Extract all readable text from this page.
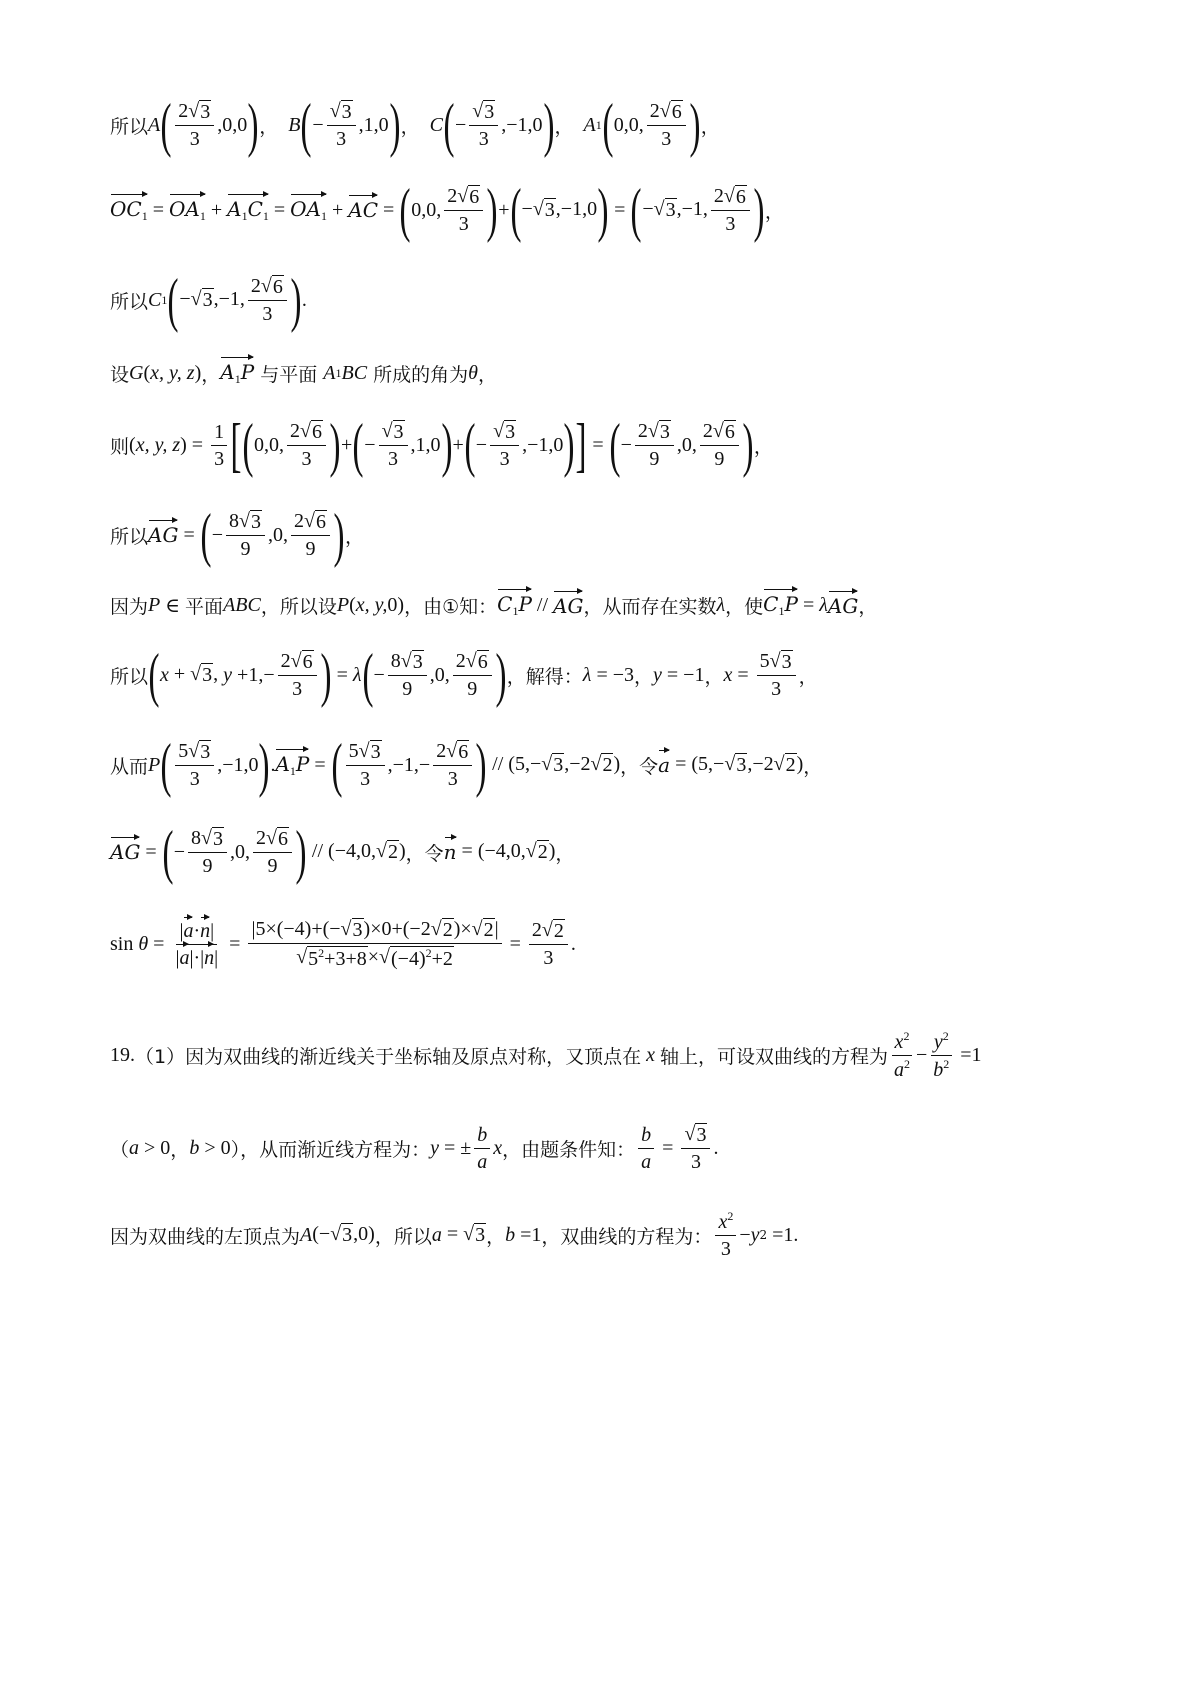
所以 A ( $\frac{2√ 3}{3} ,0,0$ ) ， B ( − $\frac{√ 3}{3} ,1,0$ ) ， C ( − $\frac{√ 3}{3} ,-1,0$ ) ， A 1 ( 0,0, $\frac{2√ 6}{3}$ ) ，
$OC_1 = OA_1 + A_1C_1 = OA_1$ + AC = ( 0,0, $\frac{2√ 6}{3}$ ) + ( −√ 3 ,−1,0 ) = ( −√ 3 ,−1, $\frac{2√ 6}{3}$ ) ，
所以 C 1 ( −√ 3 ,−1, $\frac{2√ 6}{3}$ ) .
设 G ( x, y, z ) ， $A_1P$ 与平面 A 1 BC 所成的角为 θ ，
则 ( x, y, z ) = $\frac{1}{3}$ [ ( 0,0, $\frac{2√ 6}{3}$ ) + ( − $\frac{√ 3}{3} ,1,0$ ) + ( − $\frac{√ 3}{3} ,-1,0$ ) ] = ( − $\frac{2√ 3}{9} ,0$, $\frac{2√ 6}{9}$ ) ，
所以 AG = ( − $\frac{8√ 3}{9} ,0$, $\frac{2√ 6}{9}$ ) ，
因为 P ∈ 平面 ABC ，所以设 P ( x, y, 0) ，由①知： $C_1P$ // AG ，从而存在实数 λ ，使 $C_1P = \lambda$ AG ，
所以 ( x + √ 3 , $y +1,- \frac{2√ 6}{3}$ ) = λ ( − $\frac{8√ 3}{9} ,0$, $\frac{2√ 6}{9}$ ) ，解得： λ = −3 ， y = −1 ， $x = \frac{5√ 3}{3}$ ，
从而 P ( $\frac{5√ 3}{3} ,-1,0$ ) . $A_1P$ = ( $\frac{5√ 3}{3} ,-1,- \frac{2√ 6}{3}$ ) // (5,−√ 3 ,−2√ 2 ) ，令 a = (5,−√ 3 ,−2√ 2 ) ，
AG = ( − $\frac{8√ 3}{9} ,0$, $\frac{2√ 6}{9}$ ) // (−4,0,√ 2 ) ，令 n = (−4,0,√ 2 ) ，
$\sin \theta = \frac{|a\cdot n|}{|a|\cdot|n|} = \frac{|5\times(-4)+(-√ 3 )\times 0+(-2√ 2 )\times√ 2 |}{√ 5^2+3+8 \times√ (-4)^2+2} = \frac{2√ 2}{3}$ .
19. （1）因为双曲线的渐近线关于坐标轴及原点对称，又顶点在 x 轴上，可设双曲线的方程为 $\frac{x^2}{a^2} - \frac{y^2}{b^2} =1$
（ a > 0 ， b > 0 ），从而渐近线方程为： y = ± $\frac{b}{a}$ x ，由题条件知： $\frac{b}{a} = \frac{√ 3}{3}$ .
因为双曲线的左顶点为 A (−√ 3 ,0) ，所以 a = √ 3 ， b =1 ，双曲线的方程为： $\frac{x^2}{3} - y$ 2 =1.
所以A(2√3/3, 0, 0), B(−√3/3, 1, 0), C(−√3/3, −1, 0), A₁(0, 0, 2√6/3), OC₁ = OA₁ + A₁C₁ = OA₁ + AC = (0, 0, 2√6/3) + (−√3, −1, 0) = (−√3, −1, 2√6/3), 所以C₁(−√3, −1, 2√6/3). 设G(x, y, z), A₁P 与平面 A₁BC 所成的角为 θ, 则(x, y, z) = 1/3[(0, 0, 2√6/3) + (−√3/3, 1, 0) + (−√3/3, −1, 0)] = (−2√3/9, 0, 2√6/9), 所以AG = (−8√3/9, 0, 2√6/9), 因为 P ∈ 平面 ABC，所以设 P(x, y, 0)，由①知：C₁P // AG，从而存在实数 λ，使 C₁P = λAG， 所以(x + √3, y + 1, −2√6/3) = λ(−8√3/9, 0, 2√6/9)，解得：λ = −3，y = −1，x = 5√3/3， 从而P(5√3/3, −1, 0). A₁P = (5√3/3, −1, −2√6/3) // (5, −√3, −2√2)，令 a = (5, −√3, −2√2)， AG = (−8√3/9, 0, 2√6/9) // (−4, 0, √2)，令 n = (−4, 0, √2)， sin θ = |a·n| / (|a|·|n|) = |5×(−4) + (−√3)×0 + (−2√2)×√2| / (√(5²+3+8) × √((−4)²+2)) = 2√2/3. 19.（1）因为双曲线的渐近线关于坐标轴及原点对称，又顶点在 x 轴上，可设双曲线的方程为 x²/a² − y²/b² = 1 （a > 0，b > 0），从而渐近线方程为：y = ±(b/a)x，由题条件知：b/a = √3/3. 因为双曲线的左顶点为 A(−√3, 0)，所以 a = √3，b = 1，双曲线的方程为：x²/3 − y² = 1.
